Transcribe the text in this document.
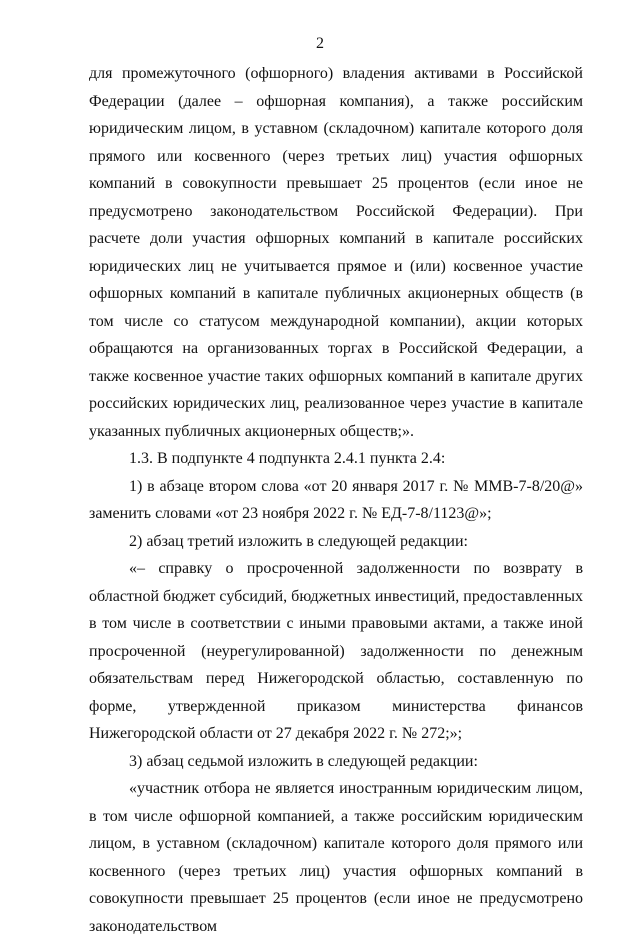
2

для промежуточного (офшорного) владения активами в Российской Федерации (далее – офшорная компания), а также российским юридическим лицом, в уставном (складочном) капитале которого доля прямого или косвенного (через третьих лиц) участия офшорных компаний в совокупности превышает 25 процентов (если иное не предусмотрено законодательством Российской Федерации). При расчете доли участия офшорных компаний в капитале российских юридических лиц не учитывается прямое и (или) косвенное участие офшорных компаний в капитале публичных акционерных обществ (в том числе со статусом международной компании), акции которых обращаются на организованных торгах в Российской Федерации, а также косвенное участие таких офшорных компаний в капитале других российских юридических лиц, реализованное через участие в капитале указанных публичных акционерных обществ;».

1.3. В подпункте 4 подпункта 2.4.1 пункта 2.4:

1) в абзаце втором слова «от 20 января 2017 г. № ММВ-7-8/20@» заменить словами «от 23 ноября 2022 г. № ЕД-7-8/1123@»;

2) абзац третий изложить в следующей редакции:

«– справку о просроченной задолженности по возврату в областной бюджет субсидий, бюджетных инвестиций, предоставленных в том числе в соответствии с иными правовыми актами, а также иной просроченной (неурегулированной) задолженности по денежным обязательствам перед Нижегородской областью, составленную по форме, утвержденной приказом министерства финансов Нижегородской области от 27 декабря 2022 г. № 272;»;

3) абзац седьмой изложить в следующей редакции:

«участник отбора не является иностранным юридическим лицом, в том числе офшорной компанией, а также российским юридическим лицом, в уставном (складочном) капитале которого доля прямого или косвенного (через третьих лиц) участия офшорных компаний в совокупности превышает 25 процентов (если иное не предусмотрено законодательством
